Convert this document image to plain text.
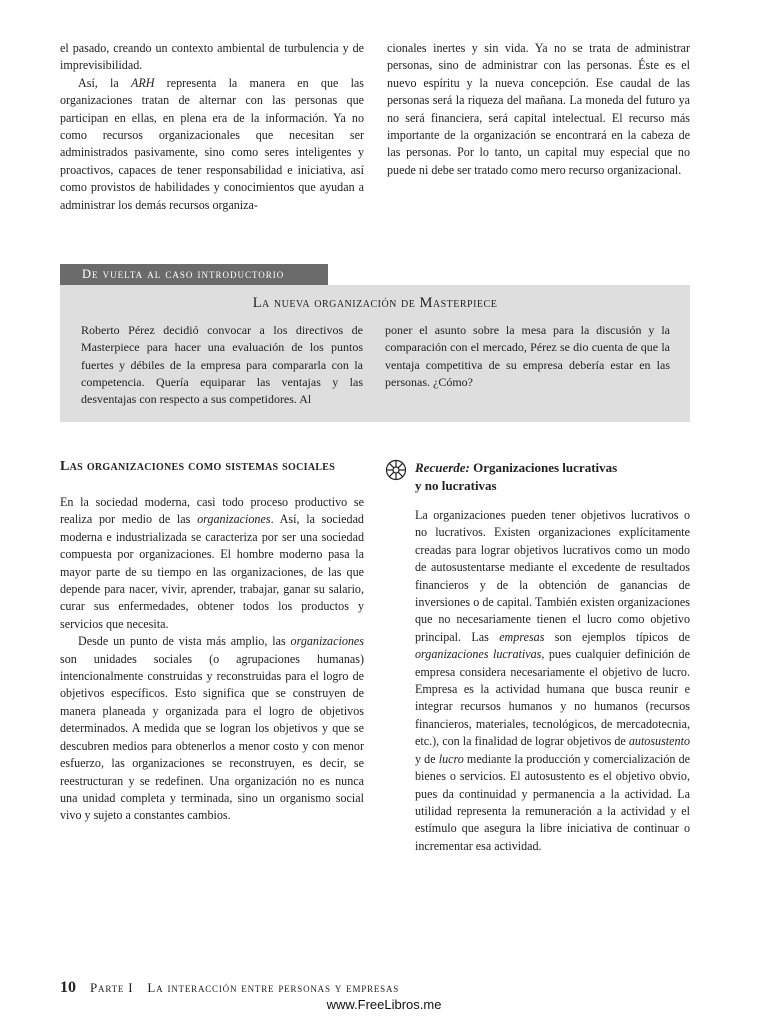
el pasado, creando un contexto ambiental de turbulencia y de imprevisibilidad.

Así, la ARH representa la manera en que las organizaciones tratan de alternar con las personas que participan en ellas, en plena era de la información. Ya no como recursos organizacionales que necesitan ser administrados pasivamente, sino como seres inteligentes y proactivos, capaces de tener responsabilidad e iniciativa, así como provistos de habilidades y conocimientos que ayudan a administrar los demás recursos organiza-

cionales inertes y sin vida. Ya no se trata de administrar personas, sino de administrar con las personas. Éste es el nuevo espíritu y la nueva concepción. Ese caudal de las personas será la riqueza del mañana. La moneda del futuro ya no será financiera, será capital intelectual. El recurso más importante de la organización se encontrará en la cabeza de las personas. Por lo tanto, un capital muy especial que no puede ni debe ser tratado como mero recurso organizacional.

De vuelta al caso introductorio
La nueva organización de Masterpiece

Roberto Pérez decidió convocar a los directivos de Masterpiece para hacer una evaluación de los puntos fuertes y débiles de la empresa para compararla con la competencia. Quería equiparar las ventajas y las desventajas con respecto a sus competidores. Al

poner el asunto sobre la mesa para la discusión y la comparación con el mercado, Pérez se dio cuenta de que la ventaja competitiva de su empresa debería estar en las personas. ¿Cómo?

Las organizaciones como sistemas sociales

En la sociedad moderna, casi todo proceso productivo se realiza por medio de las organizaciones. Así, la sociedad moderna e industrializada se caracteriza por ser una sociedad compuesta por organizaciones. El hombre moderno pasa la mayor parte de su tiempo en las organizaciones, de las que depende para nacer, vivir, aprender, trabajar, ganar su salario, curar sus enfermedades, obtener todos los productos y servicios que necesita.

Desde un punto de vista más amplio, las organizaciones son unidades sociales (o agrupaciones humanas) intencionalmente construidas y reconstruidas para el logro de objetivos específicos. Esto significa que se construyen de manera planeada y organizada para el logro de objetivos determinados. A medida que se logran los objetivos y que se descubren medios para obtenerlos a menor costo y con menor esfuerzo, las organizaciones se reconstruyen, es decir, se reestructuran y se redefinen. Una organización no es nunca una unidad completa y terminada, sino un organismo social vivo y sujeto a constantes cambios.

Recuerde: Organizaciones lucrativas
y no lucrativas

La organizaciones pueden tener objetivos lucrativos o no lucrativos. Existen organizaciones explícitamente creadas para lograr objetivos lucrativos como un modo de autosustentarse mediante el excedente de resultados financieros y de la obtención de ganancias de inversiones o de capital. También existen organizaciones que no necesariamente tienen el lucro como objetivo principal. Las empresas son ejemplos típicos de organizaciones lucrativas, pues cualquier definición de empresa considera necesariamente el objetivo de lucro. Empresa es la actividad humana que busca reunir e integrar recursos humanos y no humanos (recursos financieros, materiales, tecnológicos, de mercadotecnia, etc.), con la finalidad de lograr objetivos de autosustento y de lucro mediante la producción y comercialización de bienes o servicios. El autosustento es el objetivo obvio, pues da continuidad y permanencia a la actividad. La utilidad representa la remuneración a la actividad y el estímulo que asegura la libre iniciativa de continuar o incrementar esa actividad.

10 Parte I La interacción entre personas y empresas
www.FreeLibros.me
